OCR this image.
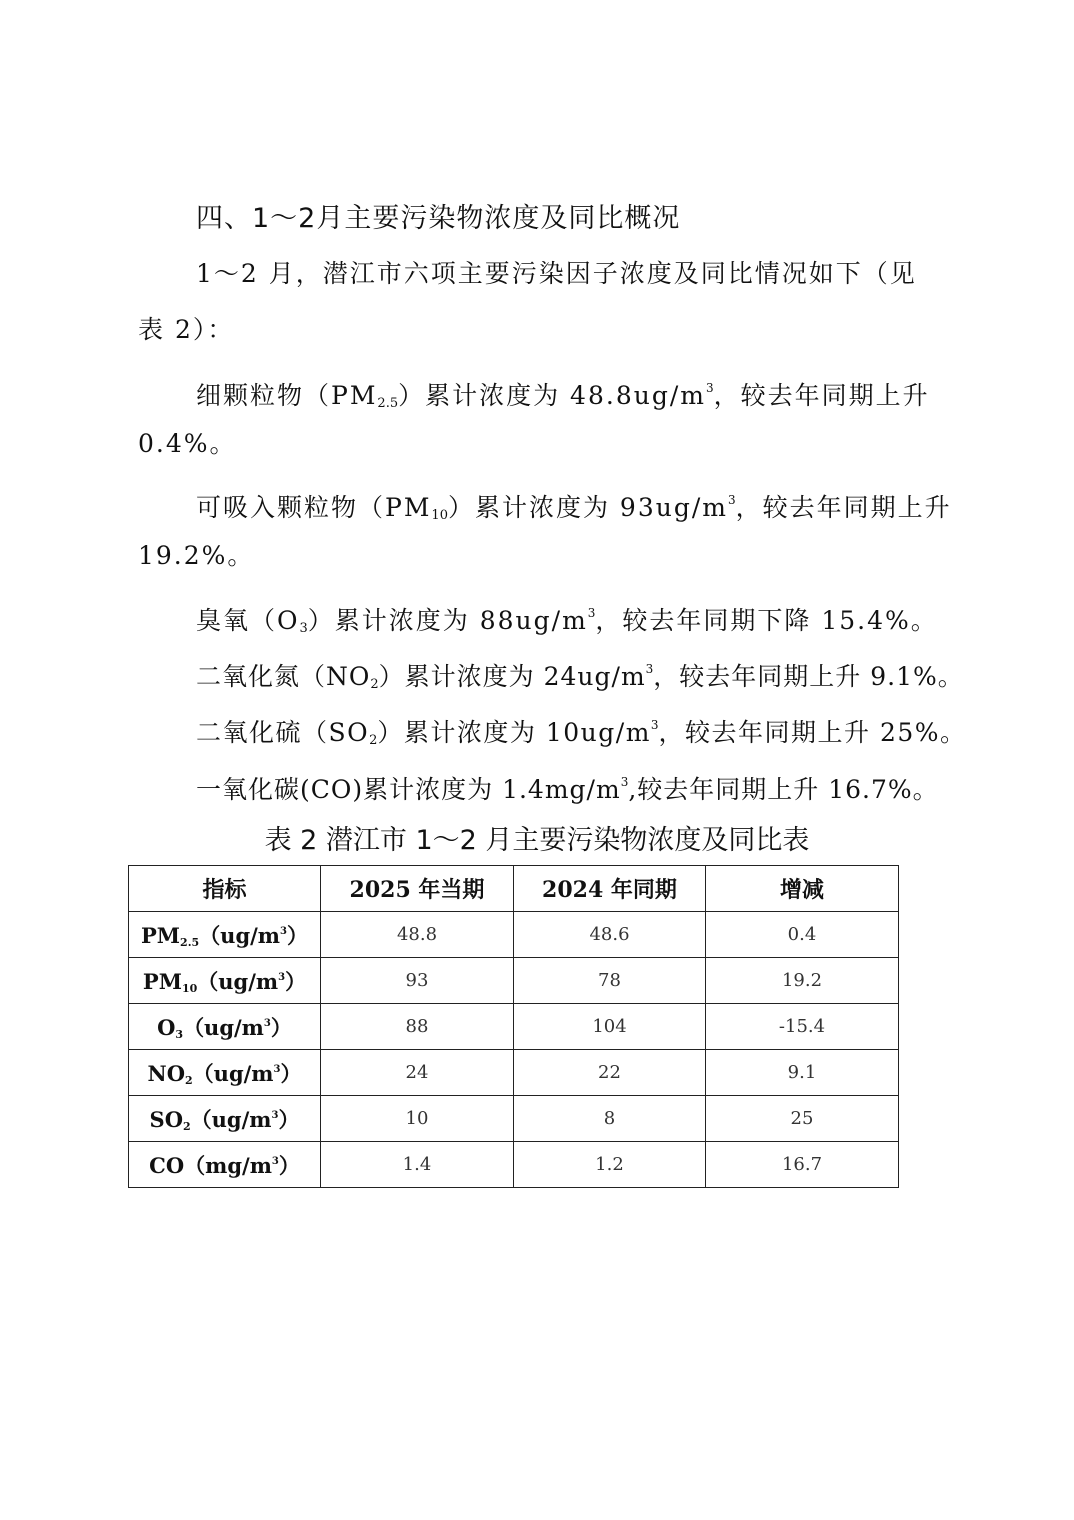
四、1～2月主要污染物浓度及同比概况
1～2 月，潜江市六项主要污染因子浓度及同比情况如下（见
表 2）：
细颗粒物$(PM_{2.5})$累计浓度为 $48.8ug/m^3$，较去年同期上升
0.4%。
可吸入颗粒物$(PM_{10})$累计浓度为 $93ug/m^3$，较去年同期上升
19.2%。
臭氧$(O_3)$累计浓度为 $88ug/m^3$，较去年同期下降 15.4%。
二氧化氮$(NO_2)$累计浓度为 $24ug/m^3$，较去年同期上升 9.1%。
二氧化硫$(SO_2)$累计浓度为 $10ug/m^3$，较去年同期上升 25%。
一氧化碳(CO)累计浓度为 $1.4mg/m^3$,较去年同期上升 16.7%。
表 2 潜江市 1～2 月主要污染物浓度及同比表
指标	2025 年当期	2024 年同期	增减
$PM_{2.5}(ug/m^3)$	48.8	48.6	0.4
$PM_{10}(ug/m^3)$	93	78	19.2
$O_3(ug/m^3)$	88	104	-15.4
$NO_2(ug/m^3)$	24	22	9.1
$SO_2(ug/m^3)$	10	8	25
$CO(mg/m^3)$	1.4	1.2	16.7
